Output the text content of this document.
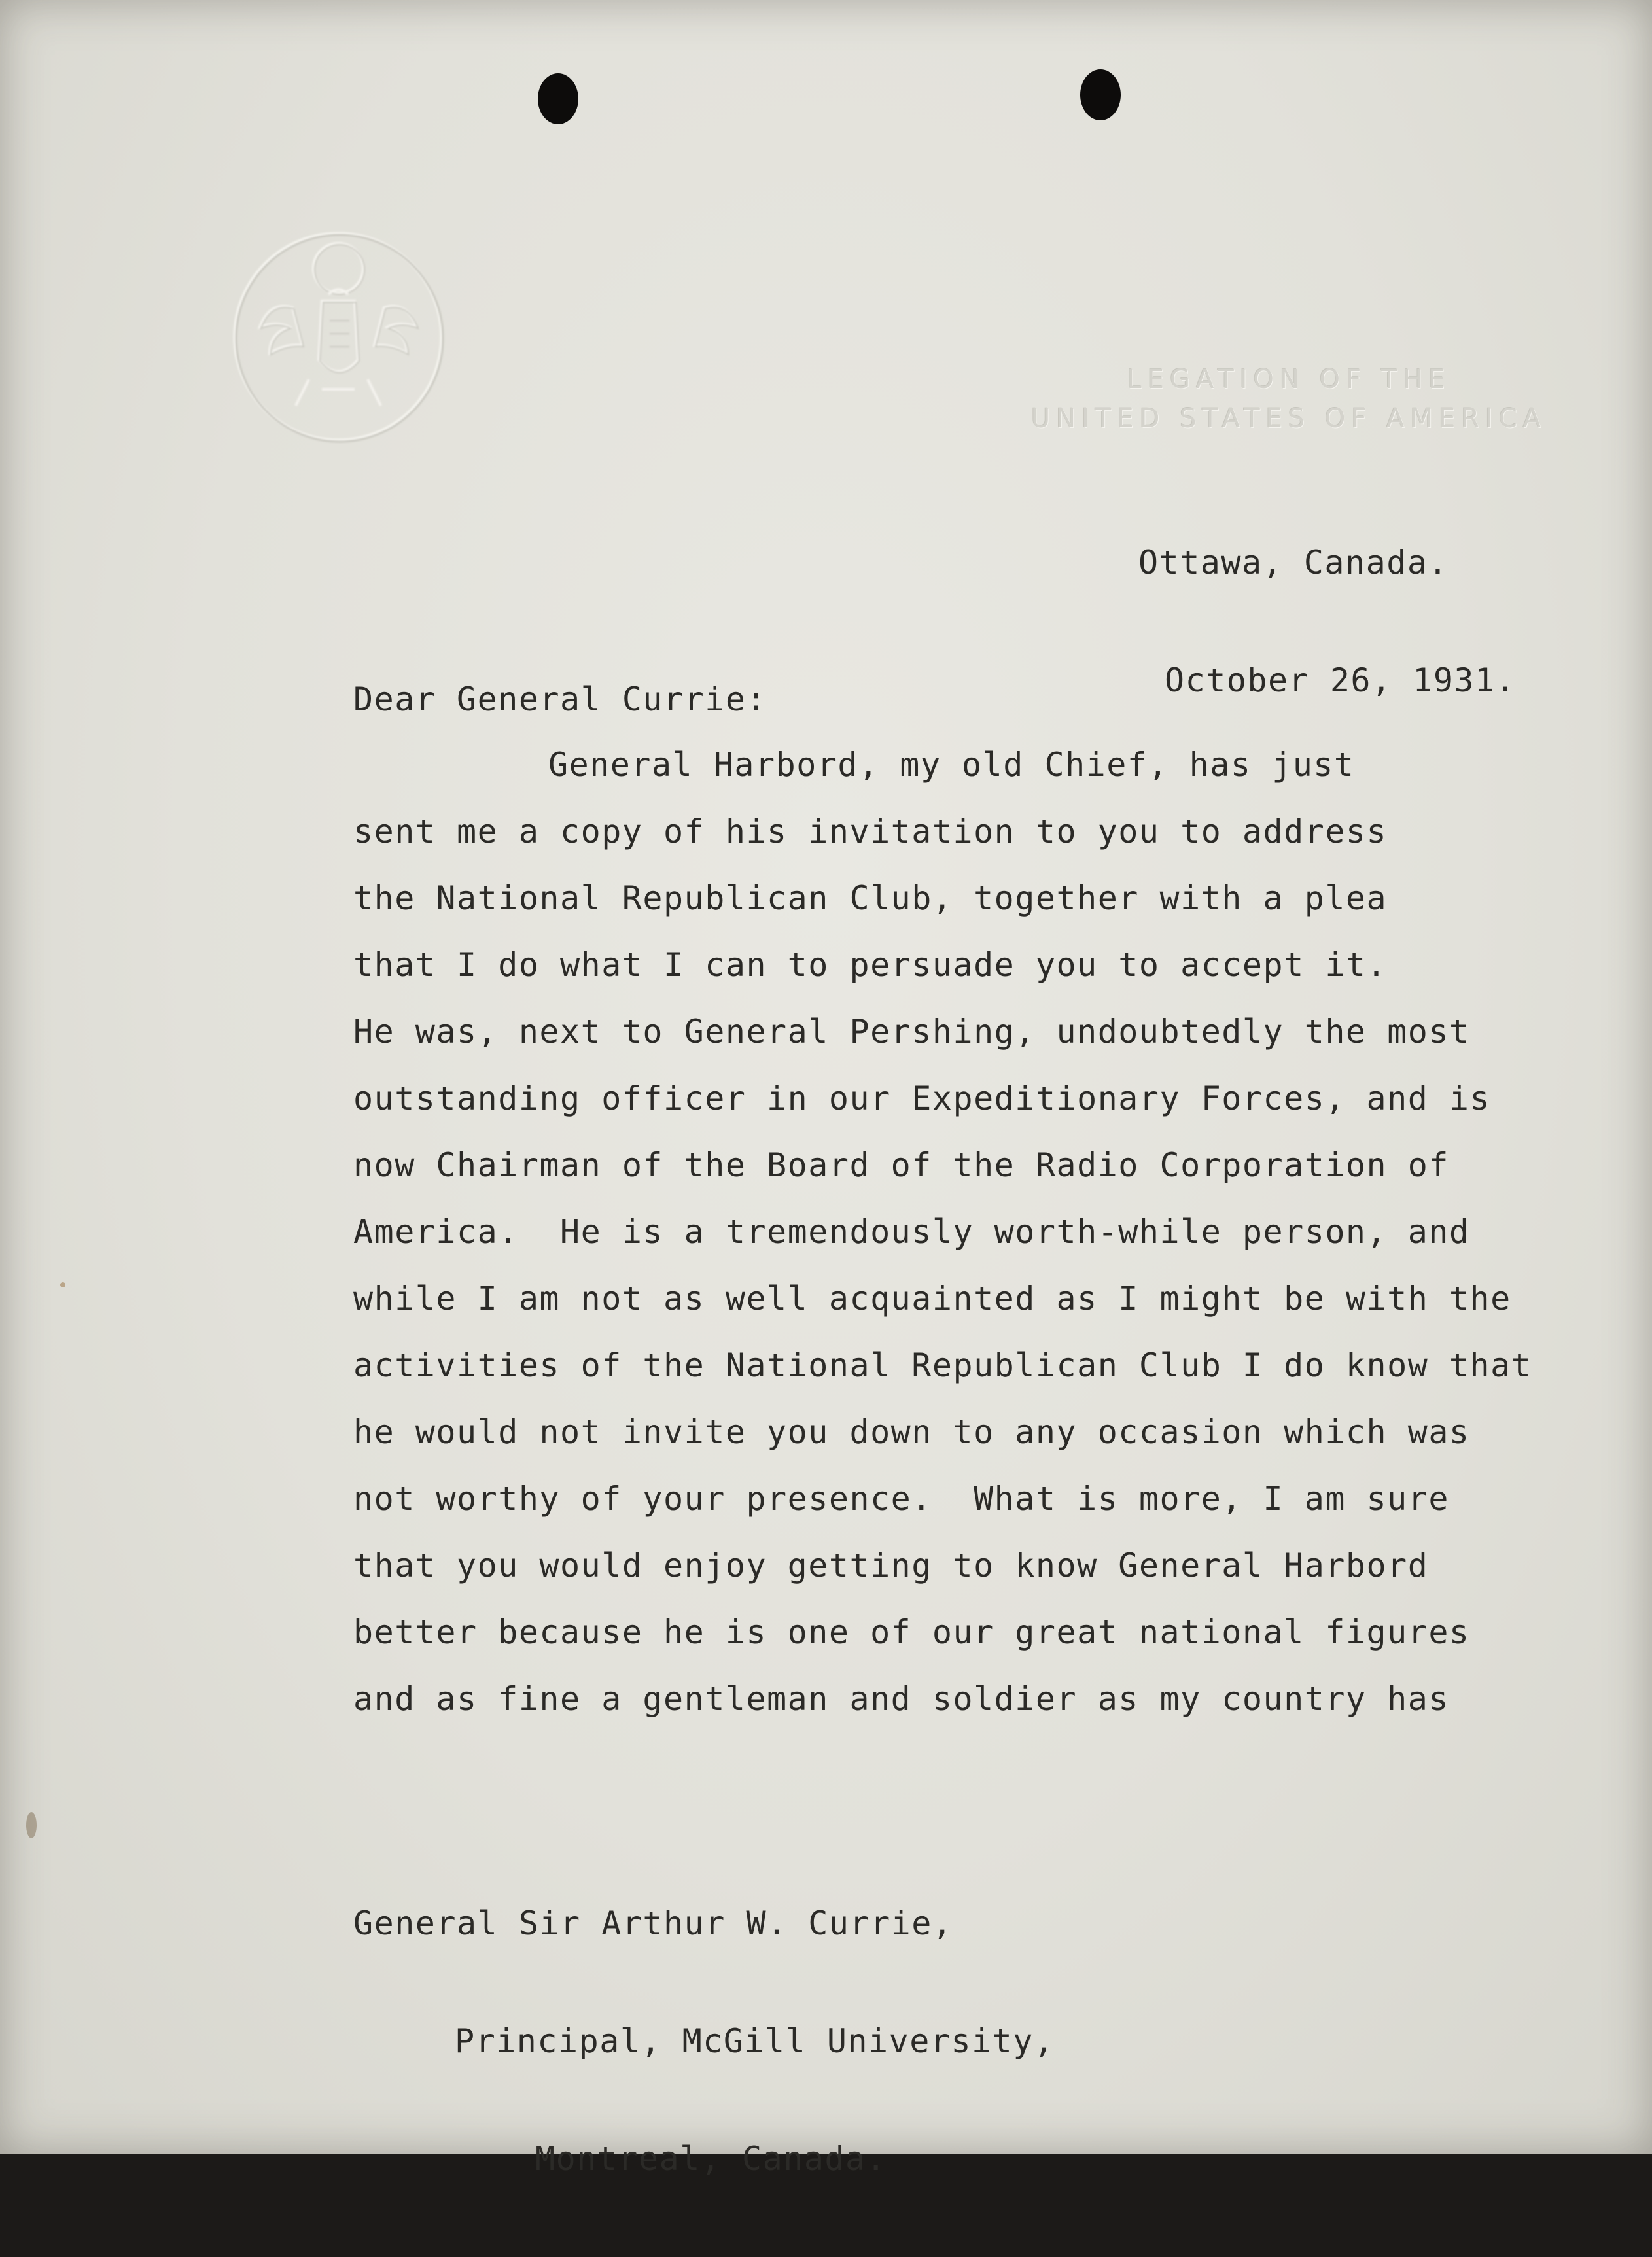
LEGATION OF THE
UNITED STATES OF AMERICA

Ottawa, Canada.

October 26, 1931.

Dear General Currie:
General Harbord, my old Chief, has just
sent me a copy of his invitation to you to address
the National Republican Club, together with a plea
that I do what I can to persuade you to accept it.
He was, next to General Pershing, undoubtedly the most
outstanding officer in our Expeditionary Forces, and is
now Chairman of the Board of the Radio Corporation of
America.  He is a tremendously worth-while person, and
while I am not as well acquainted as I might be with the
activities of the National Republican Club I do know that
he would not invite you down to any occasion which was
not worthy of your presence.  What is more, I am sure
that you would enjoy getting to know General Harbord
better because he is one of our great national figures
and as fine a gentleman and soldier as my country has

General Sir Arthur W. Currie,

Principal, McGill University,

Montreal, Canada.
